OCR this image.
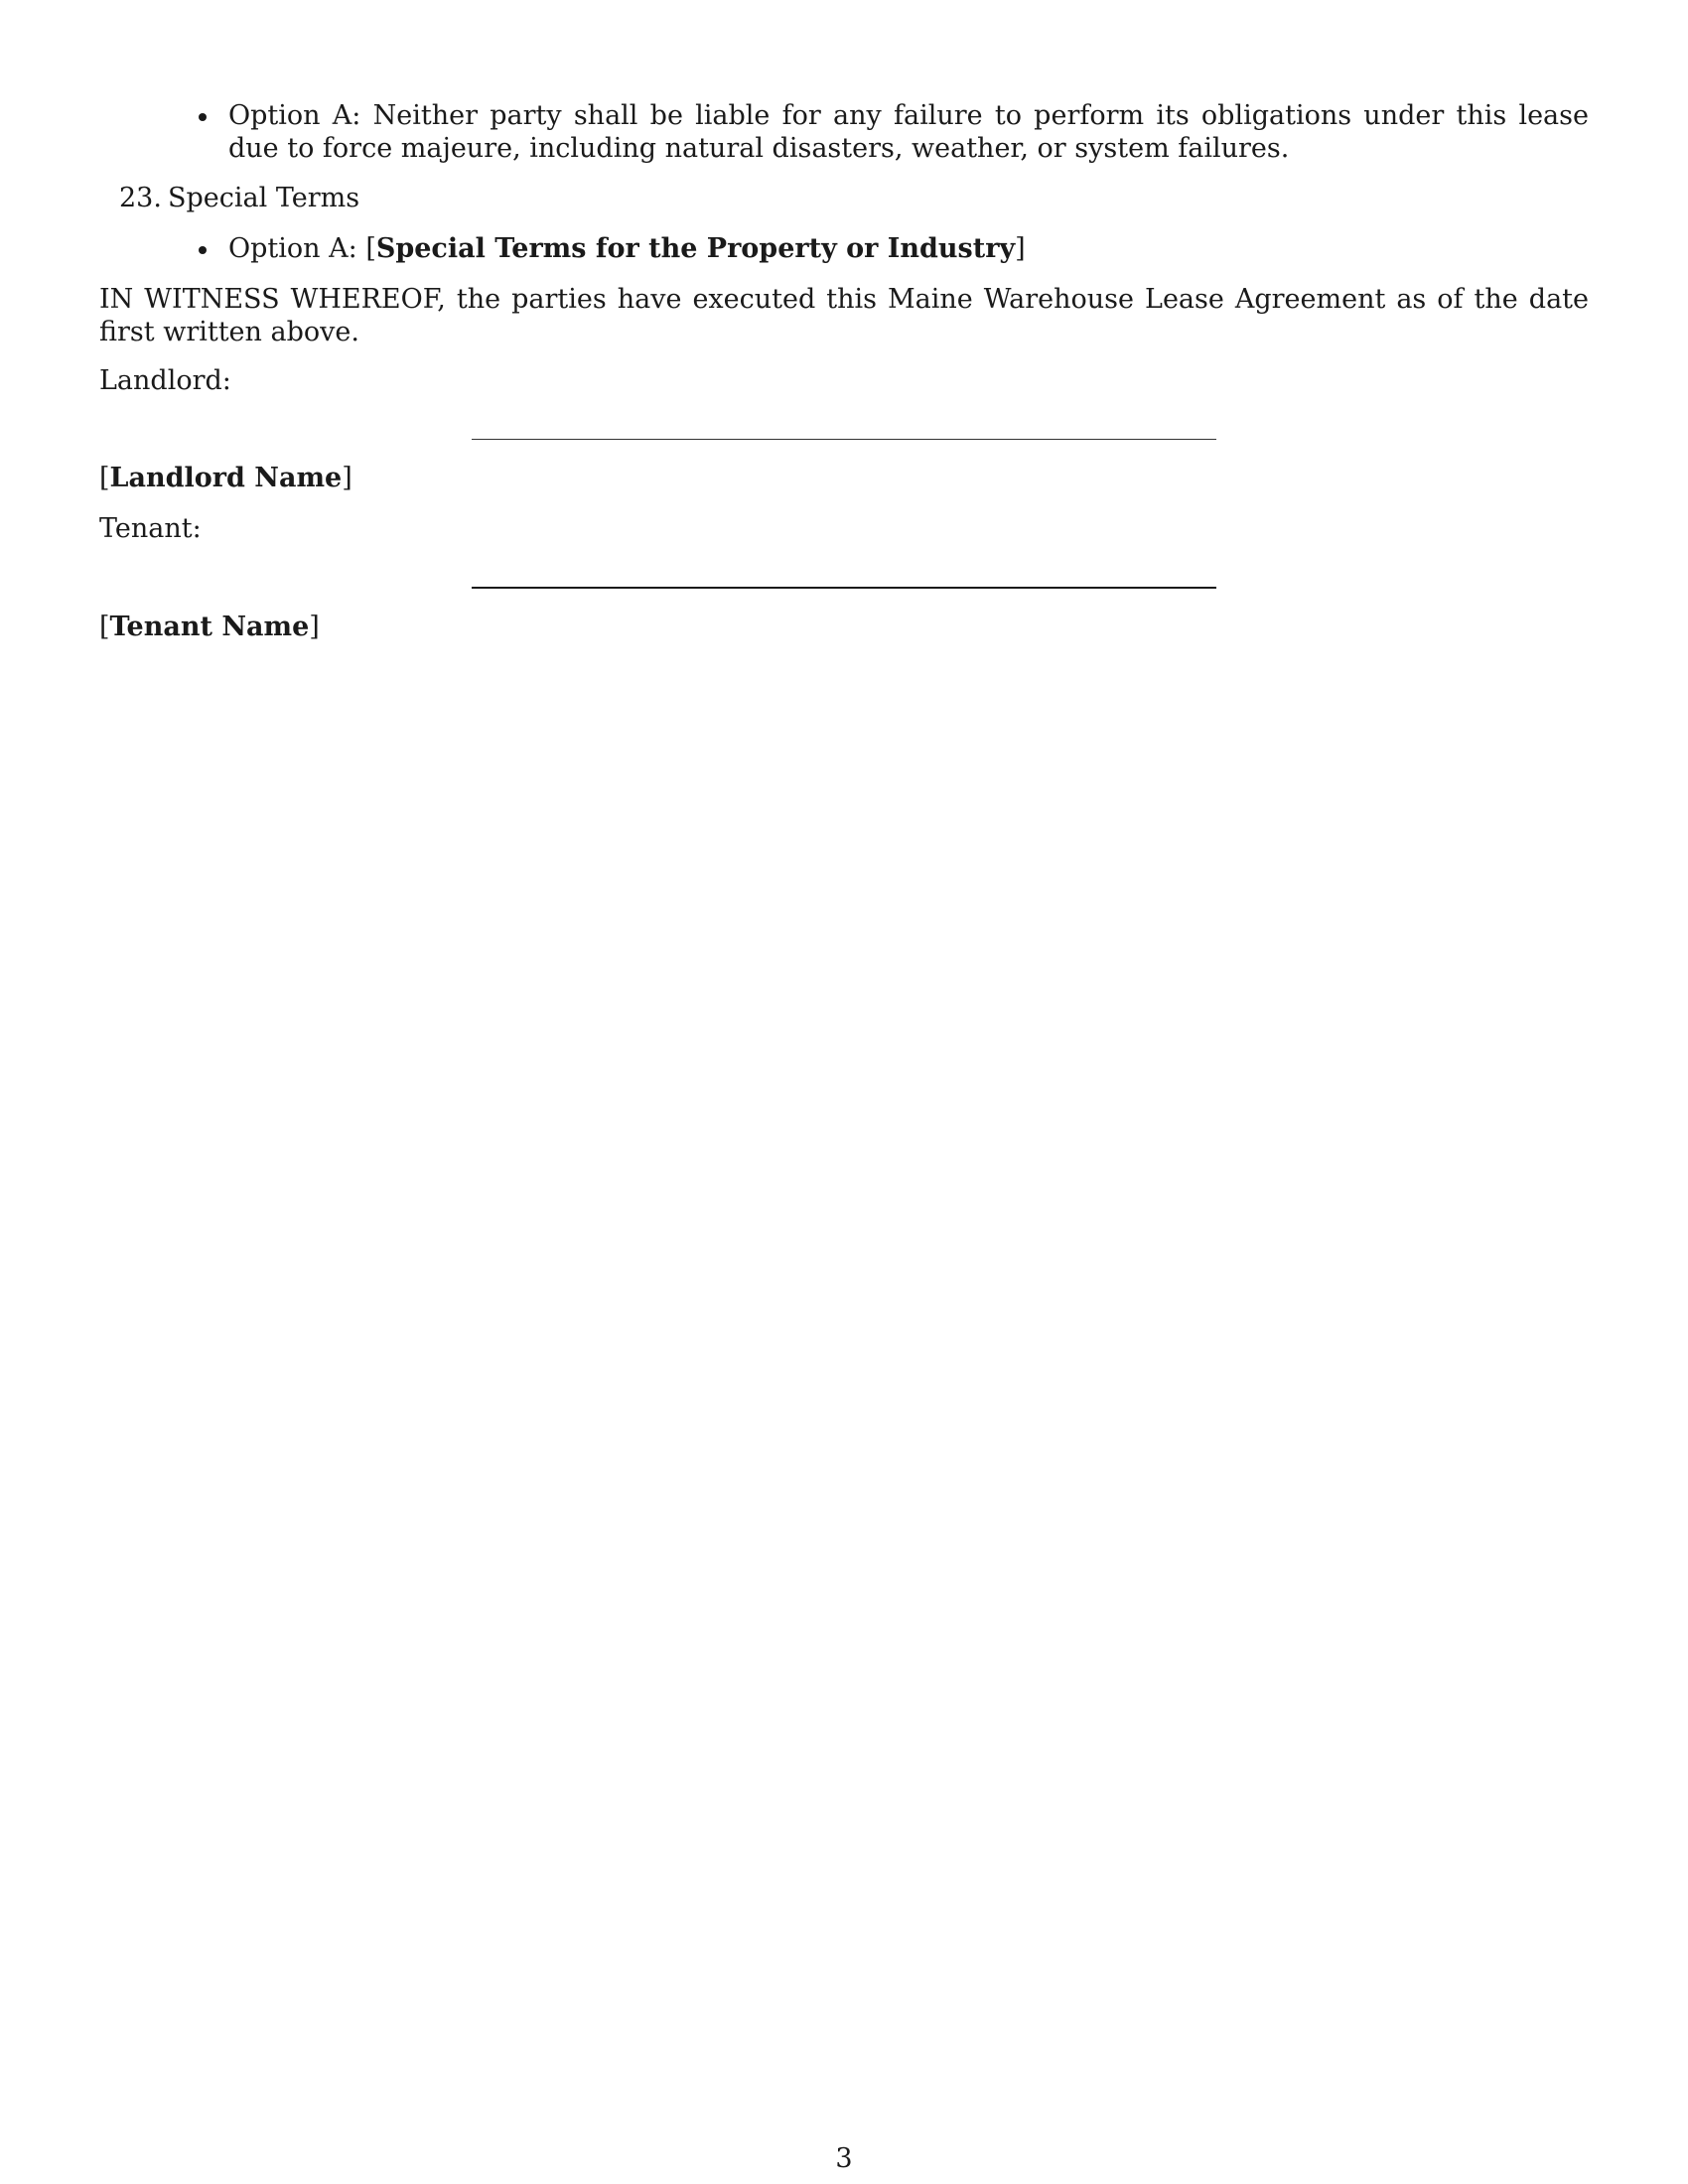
Option A: Neither party shall be liable for any failure to perform its obligations under this lease due to force majeure, including natural disasters, weather, or system failures.
23. Special Terms
Option A: [Special Terms for the Property or Industry]
IN WITNESS WHEREOF, the parties have executed this Maine Warehouse Lease Agreement as of the date first written above.
Landlord:
[Landlord Name]
Tenant:
[Tenant Name]
3
